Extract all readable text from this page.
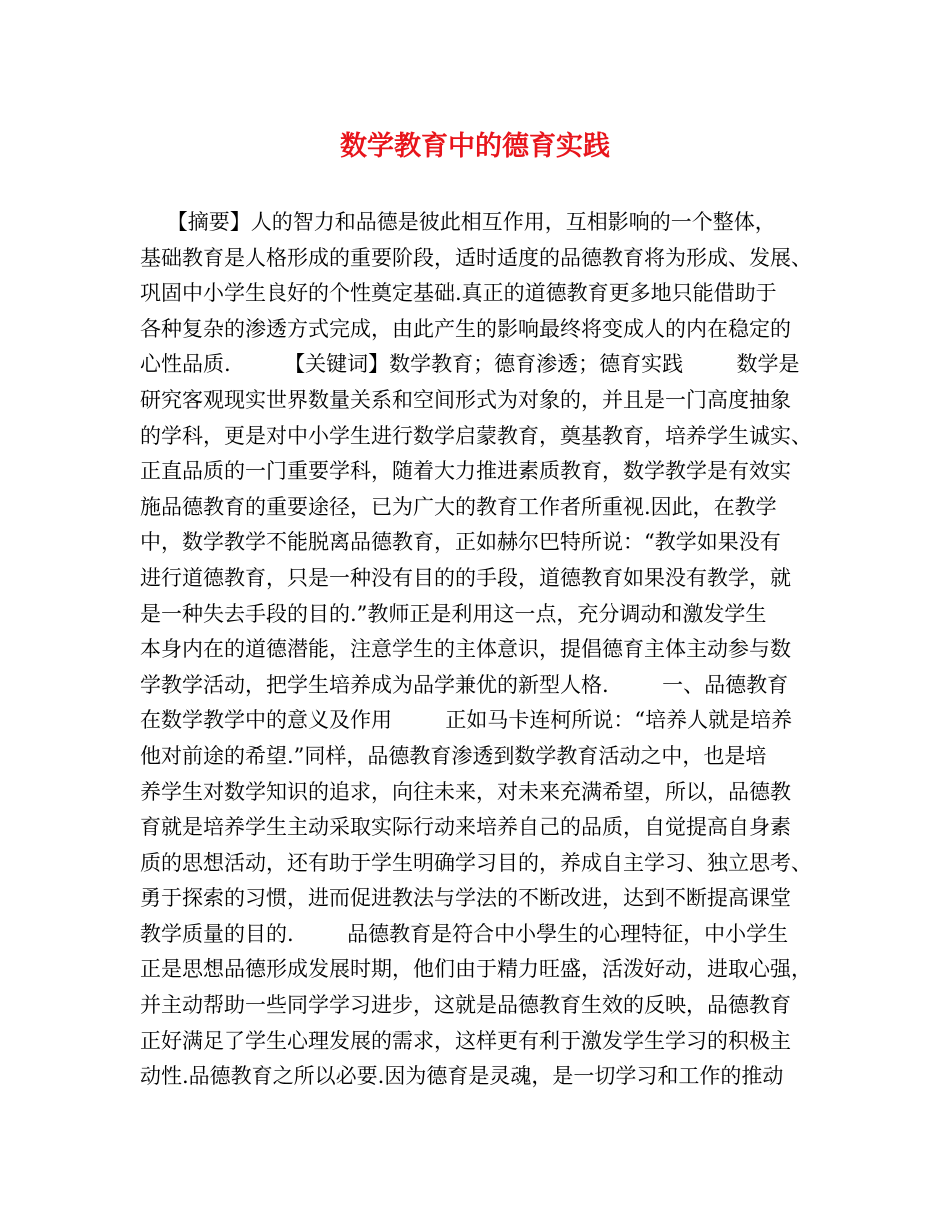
数学教育中的德育实践
【摘要】人的智力和品德是彼此相互作用，互相影响的一个整体，
基础教育是人格形成的重要阶段，适时适度的品德教育将为形成、发展、
巩固中小学生良好的个性奠定基础.真正的道德教育更多地只能借助于
各种复杂的渗透方式完成，由此产生的影响最终将变成人的内在稳定的
心性品质.        【关键词】数学教育；德育渗透；德育实践        数学是
研究客观现实世界数量关系和空间形式为对象的，并且是一门高度抽象
的学科，更是对中小学生进行数学启蒙教育，奠基教育，培养学生诚实、
正直品质的一门重要学科，随着大力推进素质教育，数学教学是有效实
施品德教育的重要途径，已为广大的教育工作者所重视.因此，在教学
中，数学教学不能脱离品德教育，正如赫尔巴特所说：“教学如果没有
进行道德教育，只是一种没有目的的手段，道德教育如果没有教学，就
是一种失去手段的目的.”教师正是利用这一点，充分调动和激发学生
本身内在的道德潜能，注意学生的主体意识，提倡德育主体主动参与数
学教学活动，把学生培养成为品学兼优的新型人格.        一、品德教育
在数学教学中的意义及作用        正如马卡连柯所说：“培养人就是培养
他对前途的希望.”同样，品德教育渗透到数学教育活动之中，也是培
养学生对数学知识的追求，向往未来，对未来充满希望，所以，品德教
育就是培养学生主动采取实际行动来培养自己的品质，自觉提高自身素
质的思想活动，还有助于学生明确学习目的，养成自主学习、独立思考、
勇于探索的习惯，进而促进教法与学法的不断改进，达到不断提高课堂
教学质量的目的.        品德教育是符合中小學生的心理特征，中小学生
正是思想品德形成发展时期，他们由于精力旺盛，活泼好动，进取心强，
并主动帮助一些同学学习进步，这就是品德教育生效的反映，品德教育
正好满足了学生心理发展的需求，这样更有利于激发学生学习的积极主
动性.品德教育之所以必要.因为德育是灵魂，是一切学习和工作的推动
